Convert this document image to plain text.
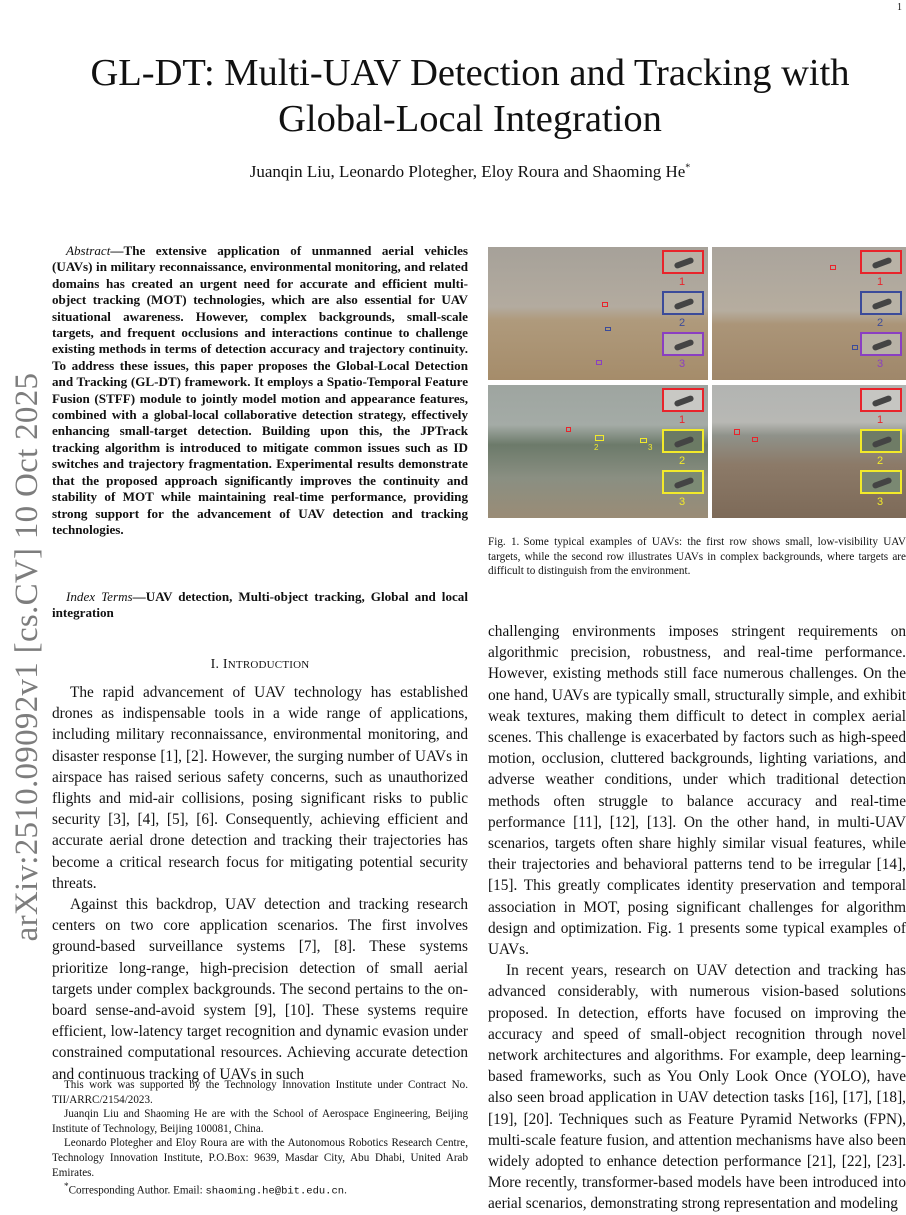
1
arXiv:2510.09092v1 [cs.CV] 10 Oct 2025
GL-DT: Multi-UAV Detection and Tracking with Global-Local Integration
Juanqin Liu, Leonardo Plotegher, Eloy Roura and Shaoming He*
Abstract—The extensive application of unmanned aerial vehicles (UAVs) in military reconnaissance, environmental monitoring, and related domains has created an urgent need for accurate and efficient multi-object tracking (MOT) technologies, which are also essential for UAV situational awareness. However, complex backgrounds, small-scale targets, and frequent occlusions and interactions continue to challenge existing methods in terms of detection accuracy and trajectory continuity. To address these issues, this paper proposes the Global-Local Detection and Tracking (GL-DT) framework. It employs a Spatio-Temporal Feature Fusion (STFF) module to jointly model motion and appearance features, combined with a global-local collaborative detection strategy, effectively enhancing small-target detection. Building upon this, the JPTrack tracking algorithm is introduced to mitigate common issues such as ID switches and trajectory fragmentation. Experimental results demonstrate that the proposed approach significantly improves the continuity and stability of MOT while maintaining real-time performance, providing strong support for the advancement of UAV detection and tracking technologies.
Index Terms—UAV detection, Multi-object tracking, Global and local integration
I. INTRODUCTION

The rapid advancement of UAV technology has established drones as indispensable tools in a wide range of applications, including military reconnaissance, environmental monitoring, and disaster response [1], [2]. However, the surging number of UAVs in airspace has raised serious safety concerns, such as unauthorized flights and mid-air collisions, posing significant risks to public security [3], [4], [5], [6]. Consequently, achieving efficient and accurate aerial drone detection and tracking their trajectories has become a critical research focus for mitigating potential security threats.

Against this backdrop, UAV detection and tracking research centers on two core application scenarios. The first involves ground-based surveillance systems [7], [8]. These systems prioritize long-range, high-precision detection of small aerial targets under complex backgrounds. The second pertains to the on-board sense-and-avoid system [9], [10]. These systems require efficient, low-latency target recognition and dynamic evasion under constrained computational resources. Achieving accurate detection and continuous tracking of UAVs in such

This work was supported by the Technology Innovation Institute under Contract No. TII/ARRC/2154/2023.

Juanqin Liu and Shaoming He are with the School of Aerospace Engineering, Beijing Institute of Technology, Beijing 100081, China.

Leonardo Plotegher and Eloy Roura are with the Autonomous Robotics Research Centre, Technology Innovation Institute, P.O.Box: 9639, Masdar City, Abu Dhabi, United Arab Emirates.

*Corresponding Author. Email: shaoming.he@bit.edu.cn.

1
2
3
1
2
3
2	3
1
2
3
1
2
3
Fig. 1. Some typical examples of UAVs: the first row shows small, low-visibility UAV targets, while the second row illustrates UAVs in complex backgrounds, where targets are difficult to distinguish from the environment.

challenging environments imposes stringent requirements on algorithmic precision, robustness, and real-time performance. However, existing methods still face numerous challenges. On the one hand, UAVs are typically small, structurally simple, and exhibit weak textures, making them difficult to detect in complex aerial scenes. This challenge is exacerbated by factors such as high-speed motion, occlusion, cluttered backgrounds, lighting variations, and adverse weather conditions, under which traditional detection methods often struggle to balance accuracy and real-time performance [11], [12], [13]. On the other hand, in multi-UAV scenarios, targets often share highly similar visual features, while their trajectories and behavioral patterns tend to be irregular [14], [15]. This greatly complicates identity preservation and temporal association in MOT, posing significant challenges for algorithm design and optimization. Fig. 1 presents some typical examples of UAVs.

In recent years, research on UAV detection and tracking has advanced considerably, with numerous vision-based solutions proposed. In detection, efforts have focused on improving the accuracy and speed of small-object recognition through novel network architectures and algorithms. For example, deep learning-based frameworks, such as You Only Look Once (YOLO), have also seen broad application in UAV detection tasks [16], [17], [18], [19], [20]. Techniques such as Feature Pyramid Networks (FPN), multi-scale feature fusion, and attention mechanisms have also been widely adopted to enhance detection performance [21], [22], [23]. More recently, transformer-based models have been introduced into aerial scenarios, demonstrating strong representation and modeling
